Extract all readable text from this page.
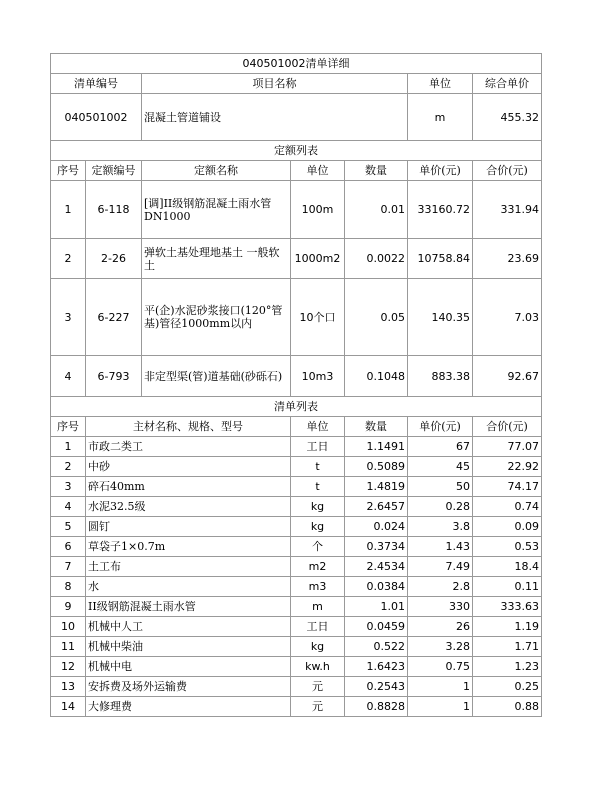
040501002清单详细						
清单编号		项目名称			单位	综合单价
040501002		混凝土管道铺设			m	455.32
定额列表						
序号	定额编号	定额名称	单位	数量	单价(元)	合价(元)
1	6-118	[调]II级钢筋混凝土雨水管DN1000	100m	0.01	33160.72	331.94
2	2-26	弹软土基处理地基土 一般软土	1000m2	0.0022	10758.84	23.69
3	6-227	平(企)水泥砂浆接口(120°管基)管径1000mm以内	10个口	0.05	140.35	7.03
4	6-793	非定型渠(管)道基础(砂砾石)	10m3	0.1048	883.38	92.67
清单列表						
序号	主材名称、规格、型号		单位	数量	单价(元)	合价(元)
1	市政二类工		工日	1.1491	67	77.07
2	中砂		t	0.5089	45	22.92
3	碎石40mm		t	1.4819	50	74.17
4	水泥32.5级		kg	2.6457	0.28	0.74
5	圆钉		kg	0.024	3.8	0.09
6	草袋子1×0.7m		个	0.3734	1.43	0.53
7	土工布		m2	2.4534	7.49	18.4
8	水		m3	0.0384	2.8	0.11
9	II级钢筋混凝土雨水管		m	1.01	330	333.63
10	机械中人工		工日	0.0459	26	1.19
11	机械中柴油		kg	0.522	3.28	1.71
12	机械中电		kw.h	1.6423	0.75	1.23
13	安拆费及场外运输费		元	0.2543	1	0.25
14	大修理费		元	0.8828	1	0.88
